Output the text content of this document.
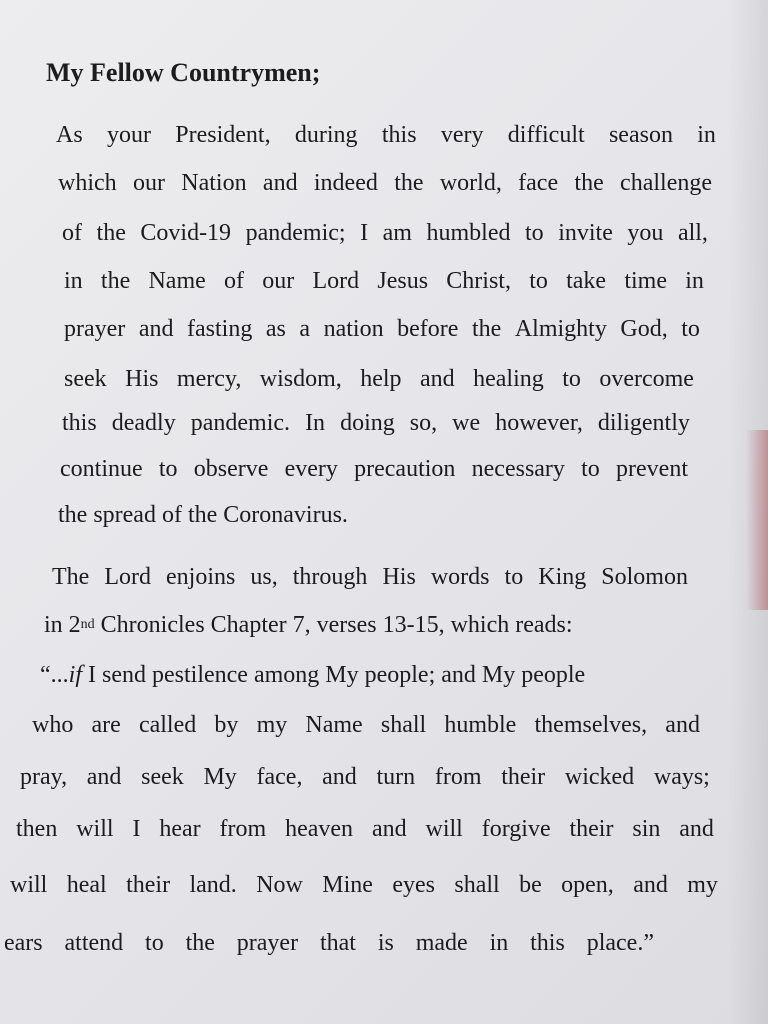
My Fellow Countrymen;
As your President, during this very difficult season in
which our Nation and indeed the world, face the challenge
of the Covid-19 pandemic; I am humbled to invite you all,
in the Name of our Lord Jesus Christ, to take time in
prayer and fasting as a nation before the Almighty God, to
seek His mercy, wisdom, help and healing to overcome
this deadly pandemic. In doing so, we however, diligently
continue to observe every precaution necessary to prevent
the spread of the Coronavirus.
The Lord enjoins us, through His words to King Solomon
in 2 nd Chronicles Chapter 7, verses 13-15, which reads:
“... if I send pestilence among My people; and My people
who are called by my Name shall humble themselves, and
pray, and seek My face, and turn from their wicked ways;
then will I hear from heaven and will forgive their sin and
will heal their land. Now Mine eyes shall be open, and my
ears attend to the prayer that is made in this place.”
